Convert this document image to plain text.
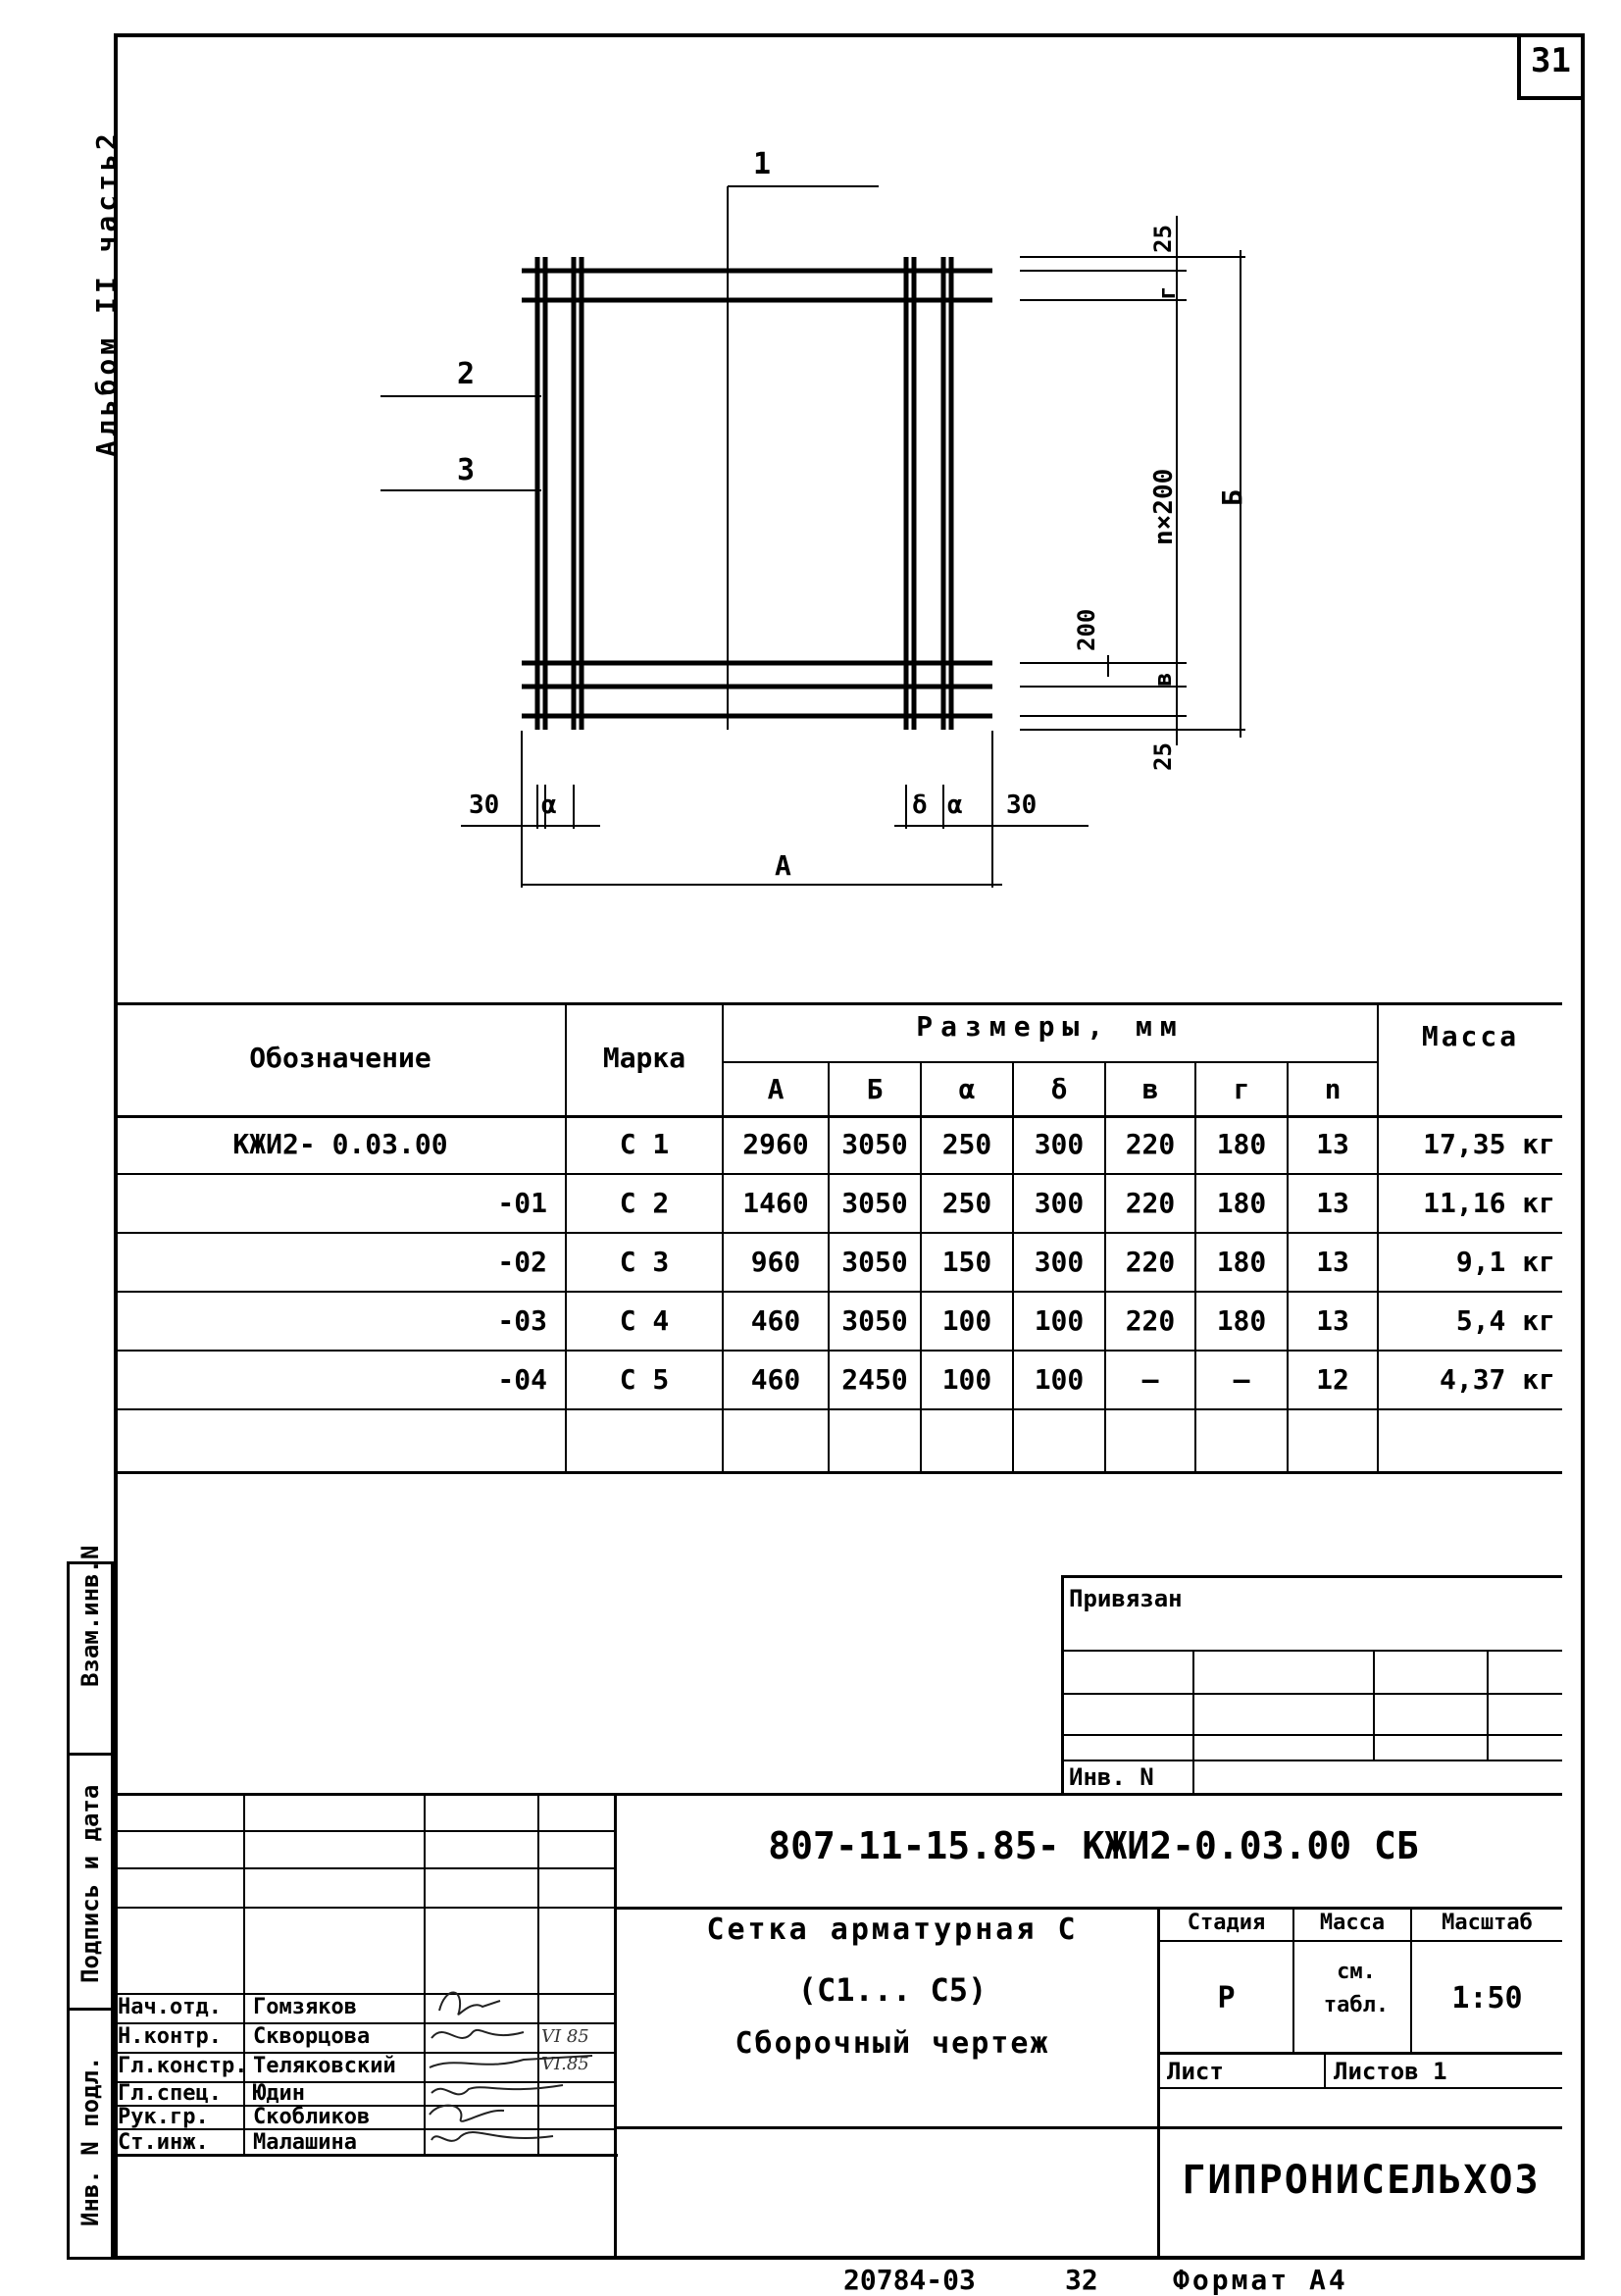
31
Альбом II часть2
Взам.инв.N
Подпись и дата
Инв. N подл.
1
2
3
25
г
n×200 Б
200
в
25
30 α	δ α 30
А
Обозначение	Марка
Размеры, мм	Масса
А	Б	α	δ	в	г	n
КЖИ2- 0.03.00	С 1	2960	3050	250	300	220	180	13	17,35 кг
-01	С 2	1460	3050	250	300	220	180	13	11,16 кг
-02	С 3	960	3050	150	300	220	180	13	9,1 кг
-03	С 4	460	3050	100	100	220	180	13	5,4 кг
-04	С 5	460	2450	100	100	—	—	12	4,37 кг
Привязан
Инв. N
Нач.отд. Гомзяков
Н.контр. Скворцова	VI 85
Гл.констр. Теляковский	VI.85
Гл.спец. Юдин
Рук.гр. Скобликов
Ст.инж. Малашина
807-11-15.85- КЖИ2-0.03.00 СБ
Сетка арматурная С
(С1... С5)
Сборочный чертеж
Стадия	Масса	Масштаб
Р
см. табл.	1:50
Лист	Листов 1
ГИПРОНИСЕЛЬХОЗ
20784-03	32	Формат А4
